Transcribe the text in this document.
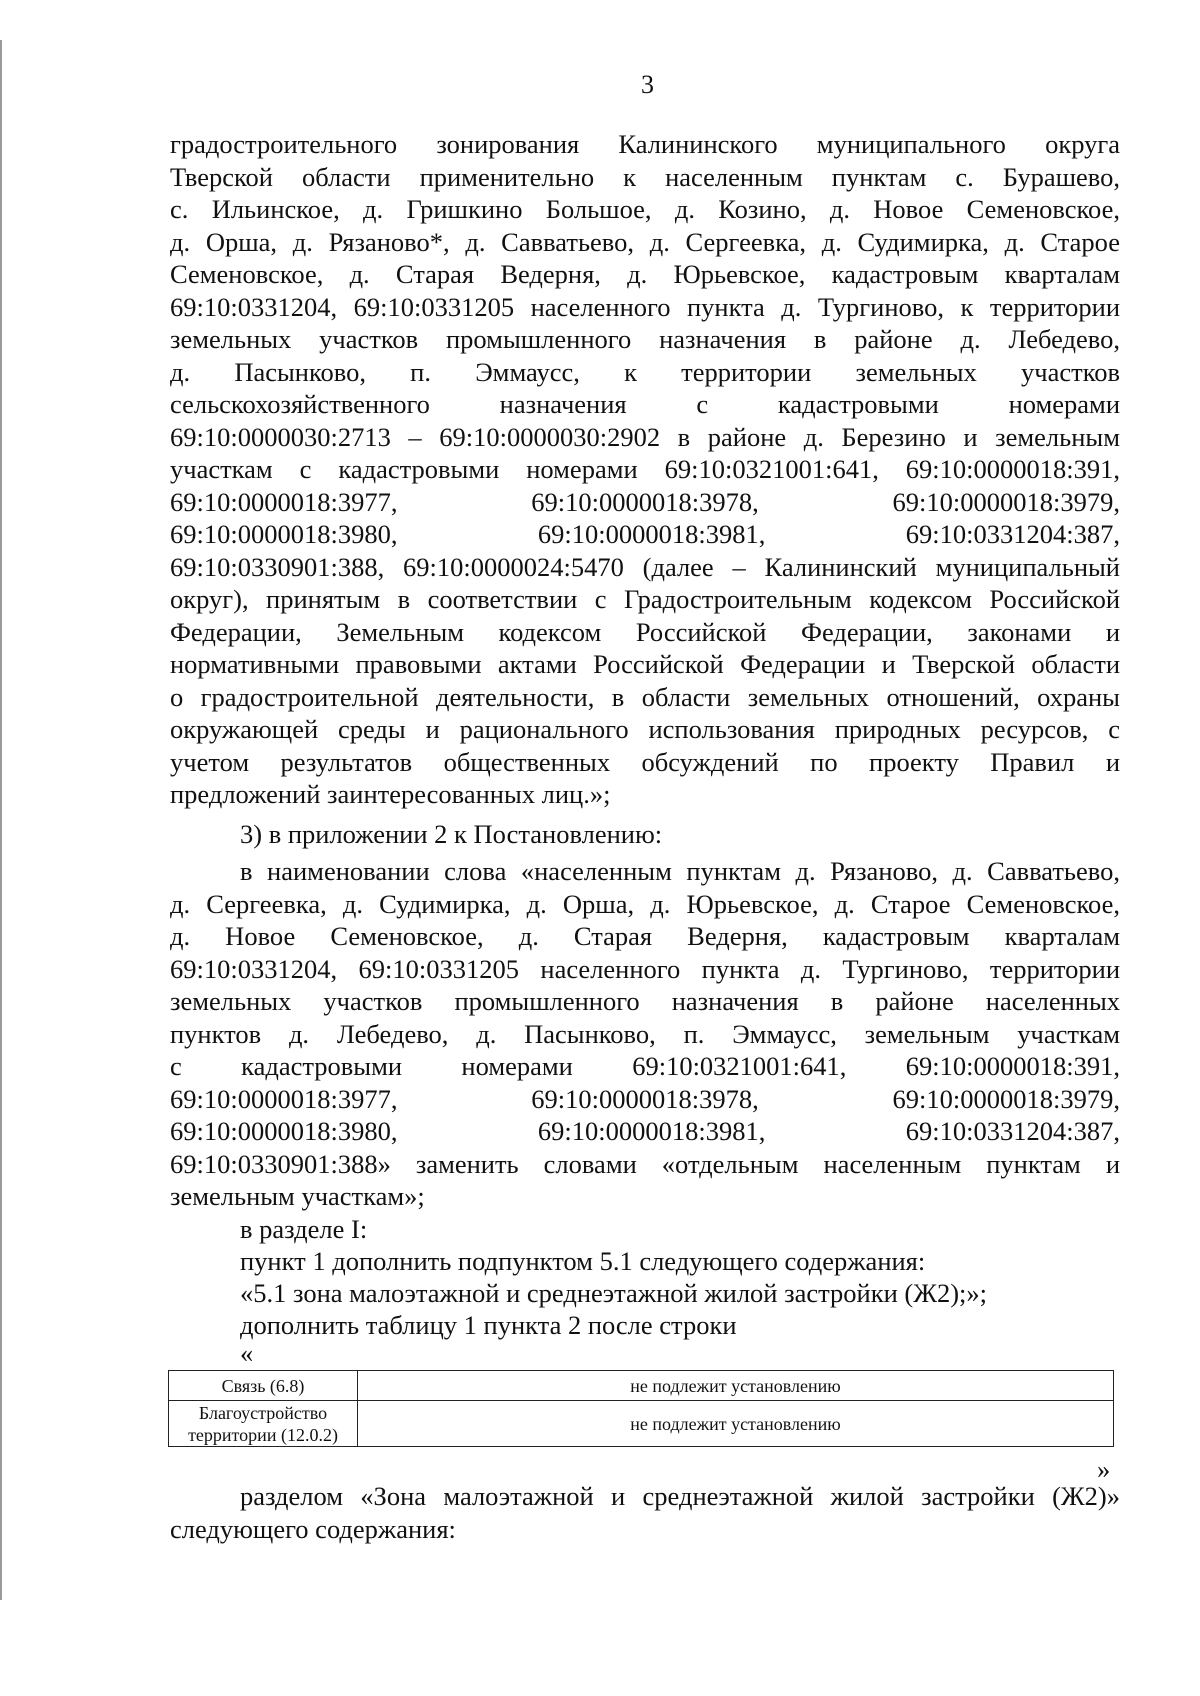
3
градостроительного зонирования Калининского муниципального округа
Тверской области применительно к населенным пунктам с. Бурашево,
с. Ильинское, д. Гришкино Большое, д. Козино, д. Новое Семеновское,
д. Орша, д. Рязаново*, д. Савватьево, д. Сергеевка, д. Судимирка, д. Старое
Семеновское, д. Старая Ведерня, д. Юрьевское, кадастровым кварталам
69:10:0331204, 69:10:0331205 населенного пункта д. Тургиново, к территории
земельных участков промышленного назначения в районе д. Лебедево,
д. Пасынково, п. Эммаусс, к территории земельных участков
сельскохозяйственного назначения с кадастровыми номерами
69:10:0000030:2713 – 69:10:0000030:2902 в районе д. Березино и земельным
участкам с кадастровыми номерами 69:10:0321001:641, 69:10:0000018:391,
69:10:0000018:3977, 69:10:0000018:3978, 69:10:0000018:3979,
69:10:0000018:3980, 69:10:0000018:3981, 69:10:0331204:387,
69:10:0330901:388, 69:10:0000024:5470 (далее – Калининский муниципальный
округ), принятым в соответствии с Градостроительным кодексом Российской
Федерации, Земельным кодексом Российской Федерации, законами и
нормативными правовыми актами Российской Федерации и Тверской области
о градостроительной деятельности, в области земельных отношений, охраны
окружающей среды и рационального использования природных ресурсов, с
учетом результатов общественных обсуждений по проекту Правил и
предложений заинтересованных лиц.»;
3) в приложении 2 к Постановлению:
в наименовании слова «населенным пунктам д. Рязаново, д. Савватьево,
д. Сергеевка, д. Судимирка, д. Орша, д. Юрьевское, д. Старое Семеновское,
д. Новое Семеновское, д. Старая Ведерня, кадастровым кварталам
69:10:0331204, 69:10:0331205 населенного пункта д. Тургиново, территории
земельных участков промышленного назначения в районе населенных
пунктов д. Лебедево, д. Пасынково, п. Эммаусс, земельным участкам
с кадастровыми номерами 69:10:0321001:641, 69:10:0000018:391,
69:10:0000018:3977, 69:10:0000018:3978, 69:10:0000018:3979,
69:10:0000018:3980, 69:10:0000018:3981, 69:10:0331204:387,
69:10:0330901:388» заменить словами «отдельным населенным пунктам и
земельным участкам»;
в разделе I:
пункт 1 дополнить подпунктом 5.1 следующего содержания:
«5.1 зона малоэтажной и среднеэтажной жилой застройки (Ж2);»;
дополнить таблицу 1 пункта 2 после строки
«
Связь (6.8)	не подлежит установлению
Благоустройство
территории (12.0.2)	не подлежит установлению
»
разделом «Зона малоэтажной и среднеэтажной жилой застройки (Ж2)»
следующего содержания:
